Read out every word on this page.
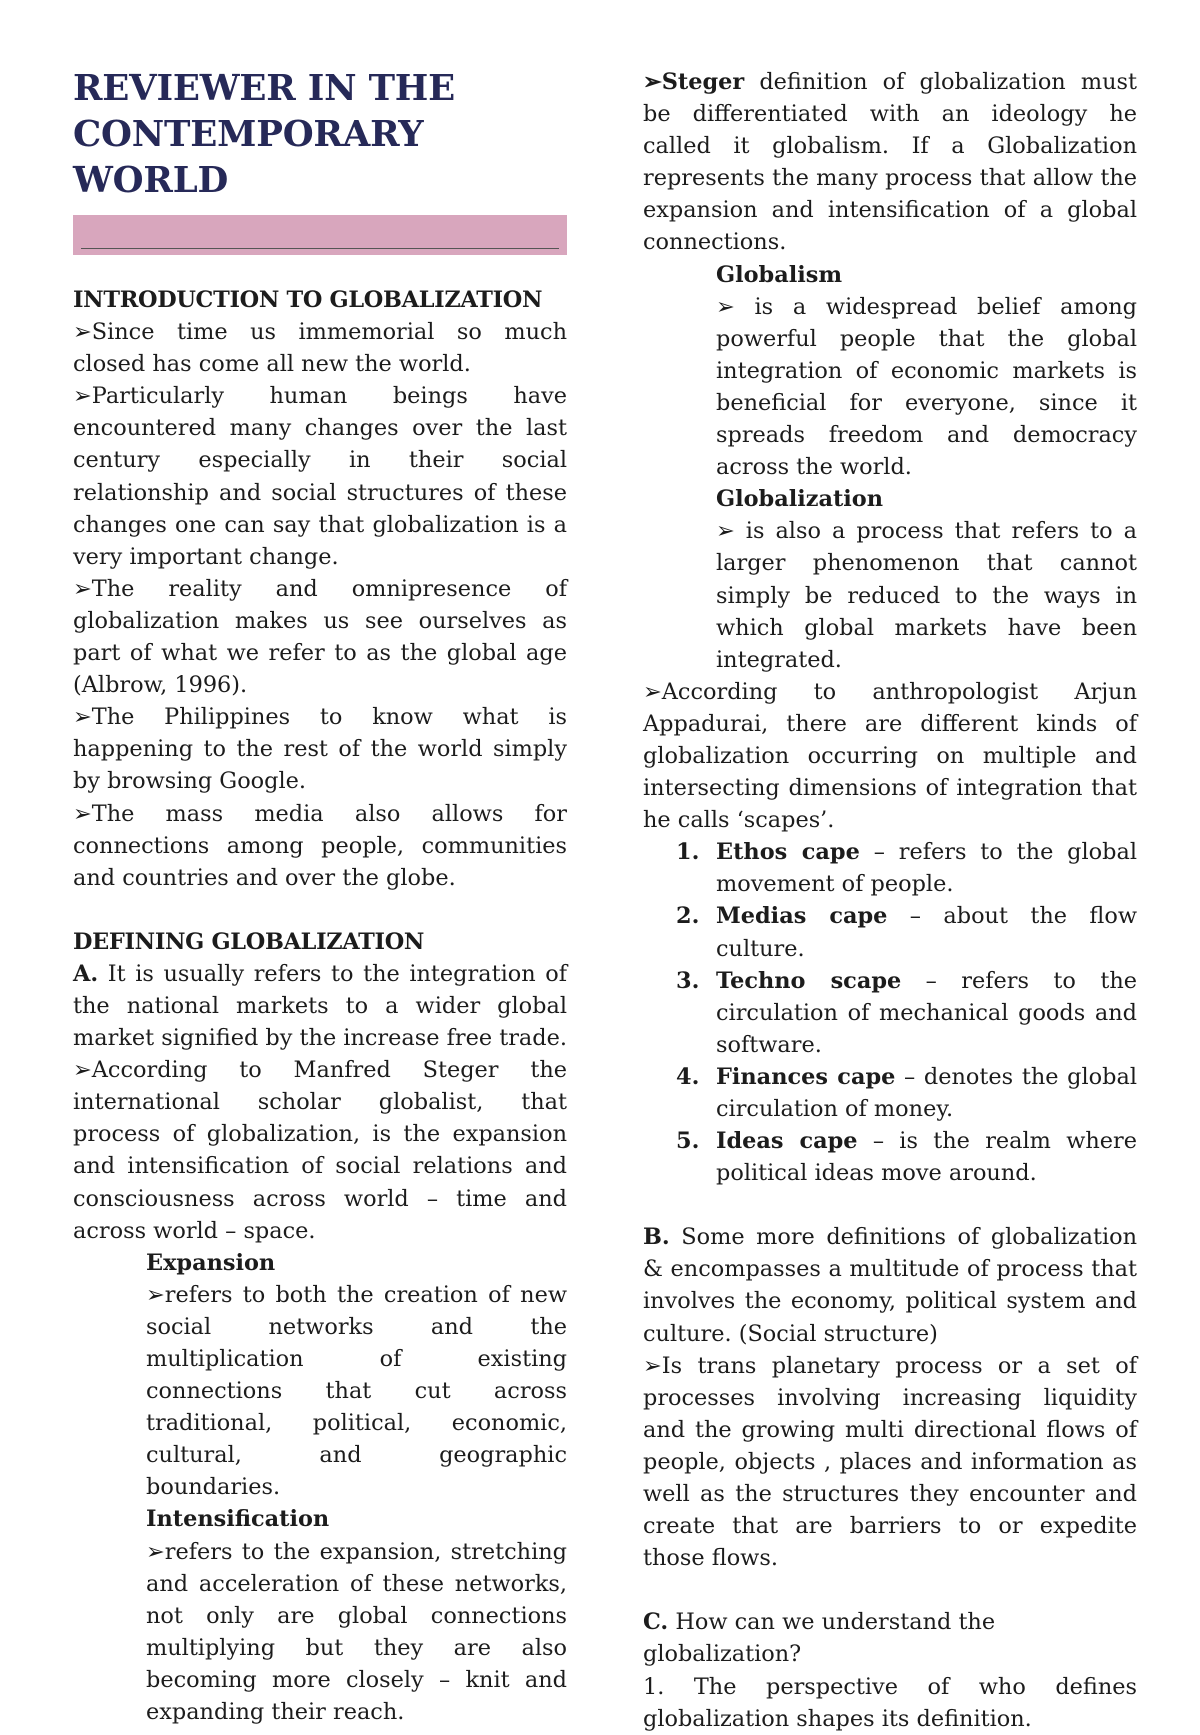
REVIEWER IN THE
CONTEMPORARY WORLD

INTRODUCTION TO GLOBALIZATION

➢Since time us immemorial so much closed has come all new the world.

➢Particularly human beings have encountered many changes over the last century especially in their social relationship and social structures of these changes one can say that globalization is a very important change.

➢The reality and omnipresence of globalization makes us see ourselves as part of what we refer to as the global age (Albrow, 1996).

➢The Philippines to know what is happening to the rest of the world simply by browsing Google.

➢The mass media also allows for connections among people, communities and countries and over the globe.

DEFINING GLOBALIZATION

A. It is usually refers to the integration of the national markets to a wider global market signified by the increase free trade.

➢According to Manfred Steger the international scholar globalist, that process of globalization, is the expansion and intensification of social relations and consciousness across world – time and across world – space.

Expansion

➢refers to both the creation of new social networks and the multiplication of existing connections that cut across traditional, political, economic, cultural, and geographic boundaries.

Intensification

➢refers to the expansion, stretching and acceleration of these networks, not only are global connections multiplying but they are also becoming more closely – knit and expanding their reach.

➢Steger definition of globalization must be differentiated with an ideology he called it globalism. If a Globalization represents the many process that allow the expansion and intensification of a global connections.

Globalism

➢ is a widespread belief among powerful people that the global integration of economic markets is beneficial for everyone, since it spreads freedom and democracy across the world.

Globalization

➢ is also a process that refers to a larger phenomenon that cannot simply be reduced to the ways in which global markets have been integrated.

➢According to anthropologist Arjun Appadurai, there are different kinds of globalization occurring on multiple and intersecting dimensions of integration that he calls ‘scapes’.

1. Ethos cape – refers to the global movement of people.
2. Medias cape – about the flow culture.
3. Techno scape – refers to the circulation of mechanical goods and software.
4. Finances cape – denotes the global circulation of money.
5. Ideas cape – is the realm where political ideas move around.

B. Some more definitions of globalization & encompasses a multitude of process that involves the economy, political system and culture. (Social structure)

➢Is trans planetary process or a set of processes involving increasing liquidity and the growing multi directional flows of people, objects , places and information as well as the structures they encounter and create that are barriers to or expedite those flows.

C. How can we understand the globalization?

1. The perspective of who defines globalization shapes its definition.
